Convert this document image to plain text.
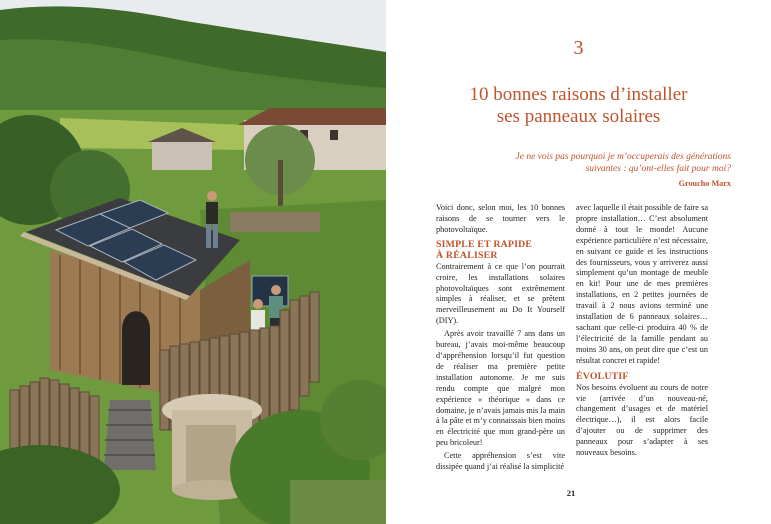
3
10 bonnes raisons d’installer
ses panneaux solaires
Je ne vois pas pourquoi je m’occuperais des générations
suivantes : qu’ont-elles fait pour moi?
Groucho Marx

Voici donc, selon moi, les 10 bonnes raisons de se tourner vers le photovoltaïque.

SIMPLE ET RAPIDE
À RÉALISER

Contrairement à ce que l’on pourrait croire, les installations solaires photovoltaïques sont extrêmement simples à réaliser, et se prêtent merveilleusement au Do It Yourself (DIY).

Après avoir travaillé 7 ans dans un bureau, j’avais moi-même beaucoup d’appréhension lorsqu’il fut question de réaliser ma première petite installation autonome. Je me suis rendu compte que malgré mon expérience « théorique » dans ce domaine, je n’avais jamais mis la main à la pâte et m’y connaissais bien moins en électricité que mon grand-père un peu bricoleur!

Cette appréhension s’est vite dissipée quand j’ai réalisé la simplicité

avec laquelle il était possible de faire sa propre installation… C’est absolument donné à tout le monde! Aucune expérience particulière n’est nécessaire, en suivant ce guide et les instructions des fournisseurs, vous y arriverez aussi simplement qu’un montage de meuble en kit! Pour une de mes premières installations, en 2 petites journées de travail à 2 nous avions terminé une installation de 6 panneaux solaires… sachant que celle-ci produira 40 % de l’électricité de la famille pendant au moins 30 ans, on peut dire que c’est un résultat concret et rapide!

ÉVOLUTIF

Nos besoins évoluent au cours de notre vie (arrivée d’un nouveau-né, changement d’usages et de matériel électrique…), il est alors facile d’ajouter ou de supprimer des panneaux pour s’adapter à ses nouveaux besoins.

21
